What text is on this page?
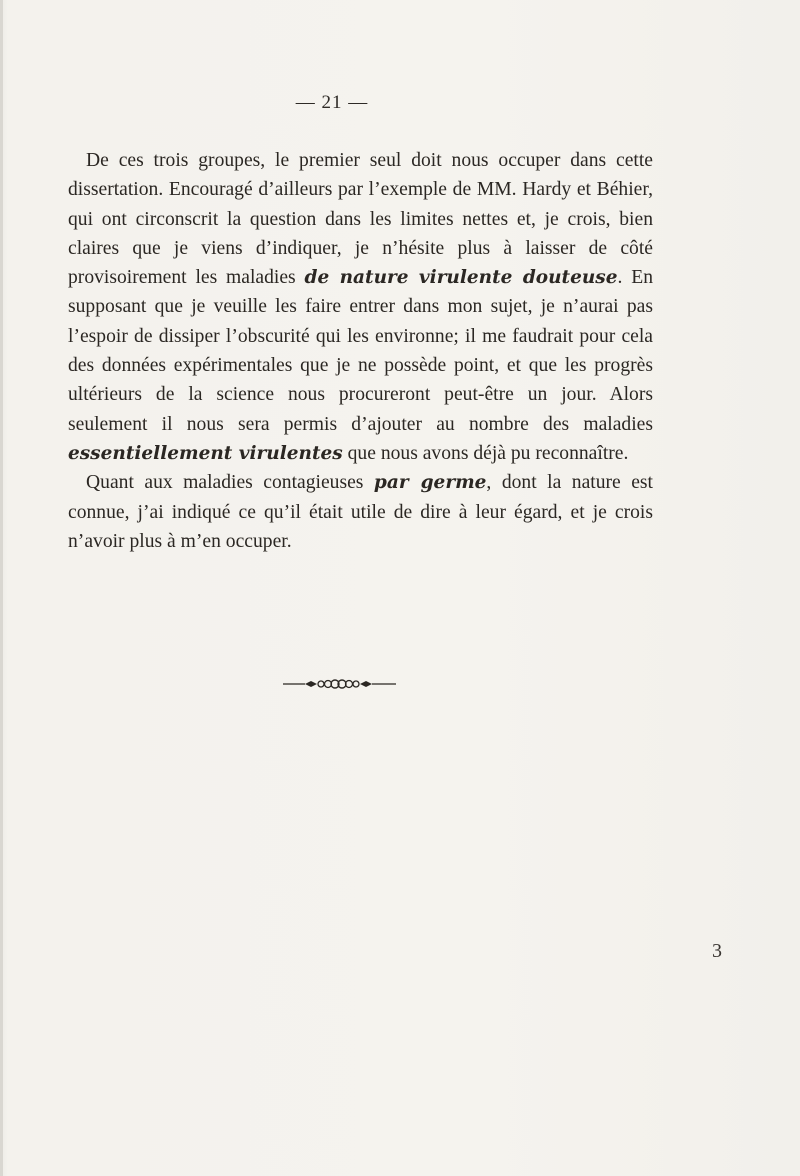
— 21 —

De ces trois groupes, le premier seul doit nous occuper dans cette dissertation. Encouragé d’ailleurs par l’exemple de MM. Hardy et Béhier, qui ont circonscrit la question dans les limites nettes et, je crois, bien claires que je viens d’indiquer, je n’hésite plus à laisser de côté provisoirement les maladies de nature virulente douteuse. En supposant que je veuille les faire entrer dans mon sujet, je n’aurai pas l’espoir de dissiper l’obscurité qui les environne; il me faudrait pour cela des données expérimentales que je ne possède point, et que les progrès ultérieurs de la science nous procureront peut-être un jour. Alors seulement il nous sera permis d’ajouter au nombre des maladies essentiellement virulentes que nous avons déjà pu reconnaître.

Quant aux maladies contagieuses par germe, dont la nature est connue, j’ai indiqué ce qu’il était utile de dire à leur égard, et je crois n’avoir plus à m’en occuper.

3
